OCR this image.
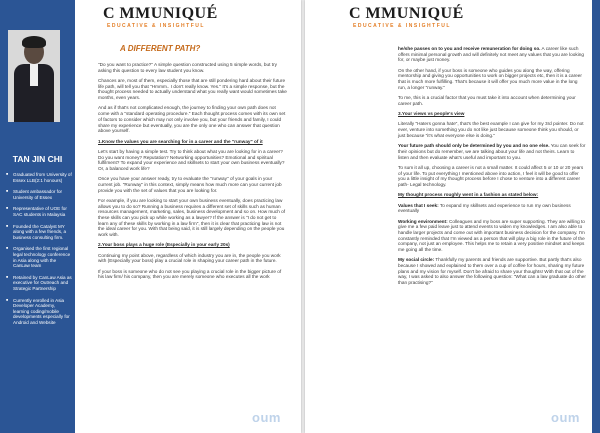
TAN JIN CHI
■ Graduated from University of Essex LLB(2:1 honours)
■ Student ambassador for University of Essex
■ Representative of UOE for SAC students in Malaysia
■ Founded the Catalyst MY along with a few friends, a business consulting firm.
■ Organised the first regional legal technology conference in Asia along with the CanLaw team
■ Retained by CanLaw Asia as executive for Outreach and Strategic Partnership
■ Currently enrolled in Asia Developer Academy, learning coding/mobile developments especially for Android and Website
C MMUNIQUÉ
EDUCATIVE & INSIGHTFUL
A DIFFERENT PATH?

"Do you want to practice?" A simple question constructed using 5 simple words, but try asking this question to every law student you know.

Chances are, most of them, especially those that are still pondering hard about their future life path, will tell you that "Hmmm.. I don't really know. Yes." It's a simple response, but the thought process needed to actually understand what you really want would sometimes take months, even years.

And as if that's not complicated enough, the journey to finding your own path does not come with a "standard operating procedure." Each thought process comes with its own set of factors to consider which may not only involve you, but your friends and family, I could share my experience but eventually, you are the only one who can answer that question above yourself.

1.Know the values you are searching for in a career and the "runway" of it

Let's start by having a simple test. Try to think about what you are looking for in a career? Do you want money? Reputation? Networking opportunities? Emotional and spiritual fulfilment? To expand your experience and skillsets to start your own business eventually? Or, a balanced work life?

Once you have your answer ready, try to evaluate the "runway" of your goals in your current job. "Runway" in this context, simply means how much more can your current job provide you with the set of values that you are looking for.

For example, if you are looking to start your own business eventually, does practicing law allows you to do so? Running a business requires a different set of skills such as human resources management, marketing, sales, business development and so on. How much of these skills can you pick up while working as a lawyer? If the answer is "I do not get to learn any of these skills by working in a law firm", then it is clear that practicing law is not the ideal career for you. With that being said, it is still largely depending on the people you work with.

2.Your boss plays a huge role (Especially in your early 20s)

Continuing my point above, regardless of which industry you are in, the people you work with (Especially your boss) play a crucial role in shaping your career path in the future.

If your boss is someone who do not see you playing a crucial role in the bigger picture of his law firm/ his company, then you are merely someone who executes all the work

oum
C MMUNIQUÉ
EDUCATIVE & INSIGHTFUL

he/she passes on to you and receive remuneration for doing so. A career like such offers minimal personal growth and will definitely not meet any values that you are looking for, or maybe just money.

On the other hand, if your boss is someone who guides you along the way, offering mentorship and giving you opportunities to work on bigger projects etc, then it is a career that is much more fulfilling. That's because it will offer you much more value in the long run, a longer "runway."

To me, this is a crucial factor that you must take it into account when determining your career path.

3.Your views vs people's view

Literally "Haters gonna hate", that's the best example I can give for my 3rd pointer. Do not ever, venture into something you do not like just because someone think you should, or just because "it's what everyone else is doing."

Your future path should only be determined by you and no one else. You can seek for their opinions but do remember, we are talking about your life and not theirs. Learn to listen and then evaluate what's useful and important to you.

To sum it all up, choosing a career is not a small matter. It could affect 5 or 10 or 20 years of your life. To put everything I mentioned above into action, I feel it will be good to offer you a little insight of my thought process before I chose to venture into a different career path- Legal technology.

My thought process roughly went in a fashion as stated below:

Values that I seek: To expand my skillsets and experience to run my own business eventually

Working environment: Colleagues and my boss are super supporting. They are willing to give me a few paid leave just to attend events to widen my knowledges. I am also able to handle larger projects and come out with important business decision for the company. I'm constantly reminded that I'm viewed as a person that will play a big role in the future of the company, not just an employee. This helps me to retain a very positive mindset and keeps me going all the time.

My social circle: Thankfully my parents and friends are supportive. But partly that's also because I showed and explained to them over a cup of coffee for hours, sharing my future plans and my vision for myself. Don't be afraid to share your thoughts! With that out of the way, I was asked to also answer the following question: "What can a law graduate do other than practising?"

oum
